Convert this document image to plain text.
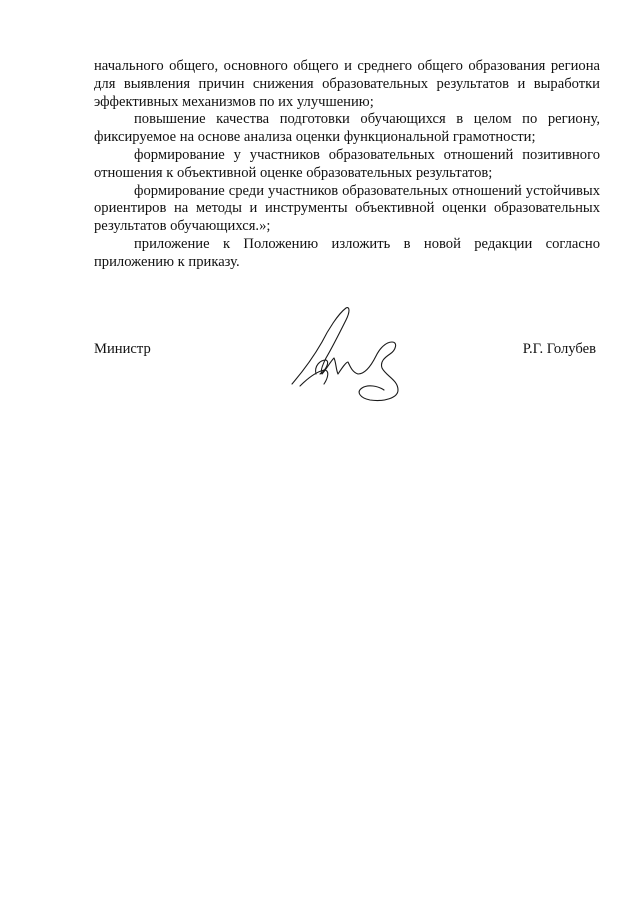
начального общего, основного общего и среднего общего образования региона для выявления причин снижения образовательных результатов и выработки эффективных механизмов по их улучшению;

повышение качества подготовки обучающихся в целом по региону, фиксируемое на основе анализа оценки функциональной грамотности;

формирование у участников образовательных отношений позитивного отношения к объективной оценке образовательных результатов;

формирование среди участников образовательных отношений устойчивых ориентиров на методы и инструменты объективной оценки образовательных результатов обучающихся.»;

приложение к Положению изложить в новой редакции согласно приложению к приказу.

Министр	Р.Г. Голубев
